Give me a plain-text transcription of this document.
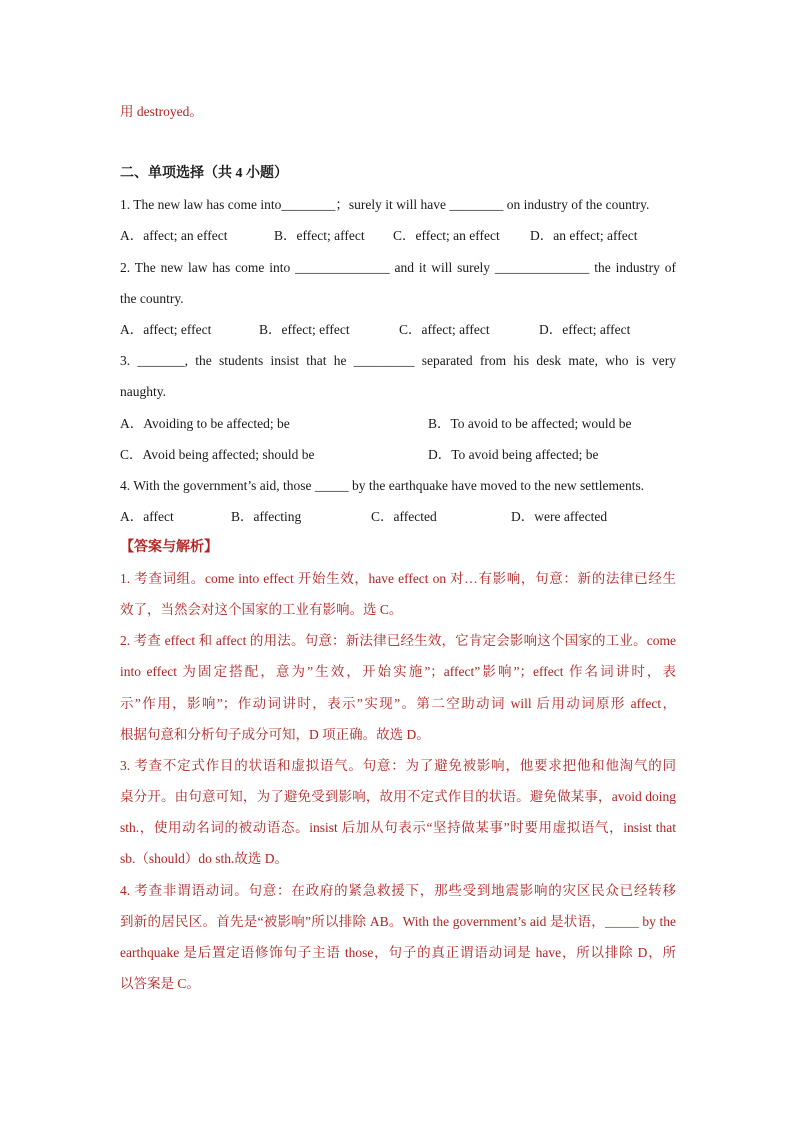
用 destroyed。
二、单项选择（共 4 小题）
1. The new law has come into________；surely it will have ________ on industry of the country.
A．affect; an effect	B．effect; affect C．effect; an effect D．an effect; affect
2. The new law has come into ______________ and it will surely ______________ the industry of
the country.
A．affect; effect	B．effect; effect	C．affect; affect	D．effect; affect
3. _______, the students insist that he _________ separated from his desk mate, who is very
naughty.
A．Avoiding to be affected; be	B．To avoid to be affected; would be
C．Avoid being affected; should be	D．To avoid being affected; be
4. With the government’s aid, those _____ by the earthquake have moved to the new settlements.
A．affect	B．affecting	C．affected	D．were affected
【答案与解析】
1. 考查词组。come into effect 开始生效，have effect on 对…有影响，句意：新的法律已经生
效了，当然会对这个国家的工业有影响。选 C。
2. 考查 effect 和 affect 的用法。句意：新法律已经生效，它肯定会影响这个国家的工业。come
into effect 为固定搭配，意为”生效，开始实施”；affect”影响”；effect 作名词讲时，表
示”作用，影响”；作动词讲时，表示”实现”。第二空助动词 will 后用动词原形 affect，
根据句意和分析句子成分可知，D 项正确。故选 D。
3. 考查不定式作目的状语和虚拟语气。句意：为了避免被影响，他要求把他和他淘气的同
桌分开。由句意可知，为了避免受到影响，故用不定式作目的状语。避免做某事，avoid doing
sth.，使用动名词的被动语态。insist 后加从句表示“坚持做某事”时要用虚拟语气，insist that
sb.（should）do sth.故选 D。
4. 考查非谓语动词。句意：在政府的紧急救援下，那些受到地震影响的灾区民众已经转移
到新的居民区。首先是“被影响”所以排除 AB。With the government’s aid 是状语，_____ by the
earthquake 是后置定语修饰句子主语 those，句子的真正谓语动词是 have，所以排除 D，所
以答案是 C。
